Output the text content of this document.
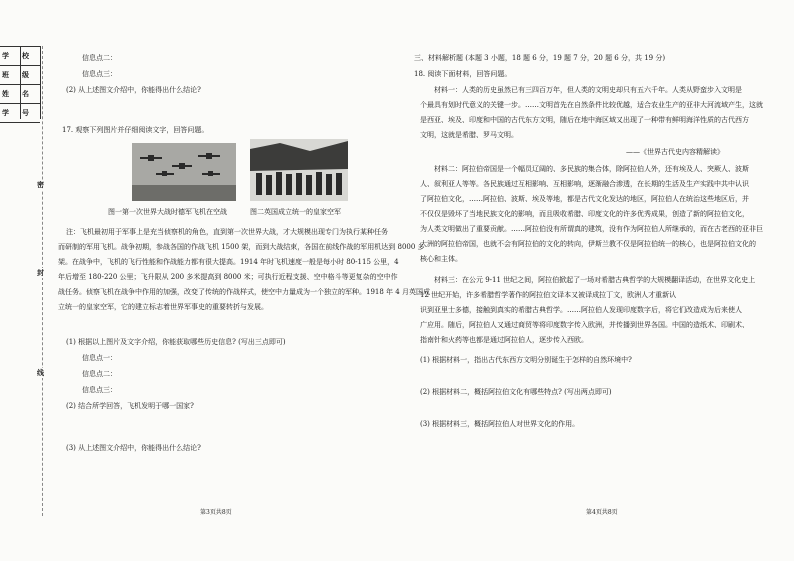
学 校
班 级
姓 名
学 号
密
封
线
信息点二：
信息点三：
(2) 从上述图文介绍中，你能得出什么结论?
17. 观察下列图片并仔细阅读文字，回答问题。
图一第一次世界大战时德军飞机在空战	图二英国成立统一的皇家空军
注：飞机最初用于军事上是充当侦察机的角色，直到第一次世界大战，才大规模出现专门为执行某种任务
而研制的军用飞机。战争初期，参战各国的作战飞机 1500 架，而到大战结束，各国在前线作战的军用机达到 8000 多
架。在战争中，飞机的飞行性能和作战能力都有很大提高。1914 年时飞机速度一般是每小时 80-115 公里，4
年后增至 180-220 公里；飞升限从 200 多米提高到 8000 米；可执行近程支援、空中格斗等更复杂的空中作
战任务。侦察飞机在战争中作用的加强，改变了传统的作战样式，使空中力量成为一个独立的军种。1918 年 4 月英国成
立统一的皇家空军，它的建立标志着世界军事史的重要转折与发展。
(1) 根据以上图片及文字介绍，你能获取哪些历史信息? (写出三点即可)
信息点一：
信息点二：
信息点三：
(2) 结合所学回答，飞机发明于哪一国家?
(3) 从上述图文介绍中，你能得出什么结论?
第3页共8页
三、材料解析题 (本题 3 小题，18 题 6 分，19 题 7 分，20 题 6 分，共 19 分)
18. 阅读下面材料，回答问题。
材料一：人类的历史虽然已有三四百万年，但人类的文明史却只有五六千年。人类从野蛮步入文明是
个最具有划时代意义的关键一步。……文明首先在自然条件比较优越，适合农业生产的亚非大河流域产生，这就
是西亚、埃及、印度和中国的古代东方文明，随后在地中海区域又出现了一种带有鲜明海洋性质的古代西方
文明，这就是希腊、罗马文明。
——《世界古代史内容精解读》
材料二：阿拉伯帝国是一个幅员辽阔的、多民族的集合体，除阿拉伯人外，还有埃及人、突厥人、波斯
人、叙利亚人等等。各民族通过互相影响、互相影响，逐渐融合渗透，在长期的生活及生产实践中共中认识
了阿拉伯文化，……阿拉伯、波斯、埃及等地，都是古代文化发达的地区，阿拉伯人在统治这些地区后，并
不仅仅是毁坏了当地民族文化的影响，而且吸收希腊、印度文化的许多优秀成果，创造了新的阿拉伯文化，
为人类文明做出了重要贡献。……阿拉伯没有所谓真的建筑，没有作为阿拉伯人所继承的，而在古老西的亚非巨
大洲的阿拉伯帝国，也就不会有阿拉伯的文化的转向，伊斯兰教不仅是阿拉伯统一的核心，也是阿拉伯文化的
核心和主体。
材料三：在公元 9-11 世纪之间，阿拉伯掀起了一场对希腊古典哲学的大规模翻译活动，在世界文化史上
12 世纪开始，许多希腊哲学著作的阿拉伯文译本又被译成拉丁文，欧洲人才重新认
识到亚里士多德，接触到真实的希腊古典哲学。……阿拉伯人发现印度数字后，将它们改造成为后来使人
广应用。随后，阿拉伯人又通过商贸等将印度数字传入欧洲，并传播到世界各国。中国的造纸术、印刷术、
指南针和火药等也都是通过阿拉伯人，逐步传入西欧。
(1) 根据材料一，指出古代东西方文明分别诞生于怎样的自然环境中?
(2) 根据材料二，概括阿拉伯文化有哪些特点? (写出两点即可)
(3) 根据材料三，概括阿拉伯人对世界文化的作用。
第4页共8页
